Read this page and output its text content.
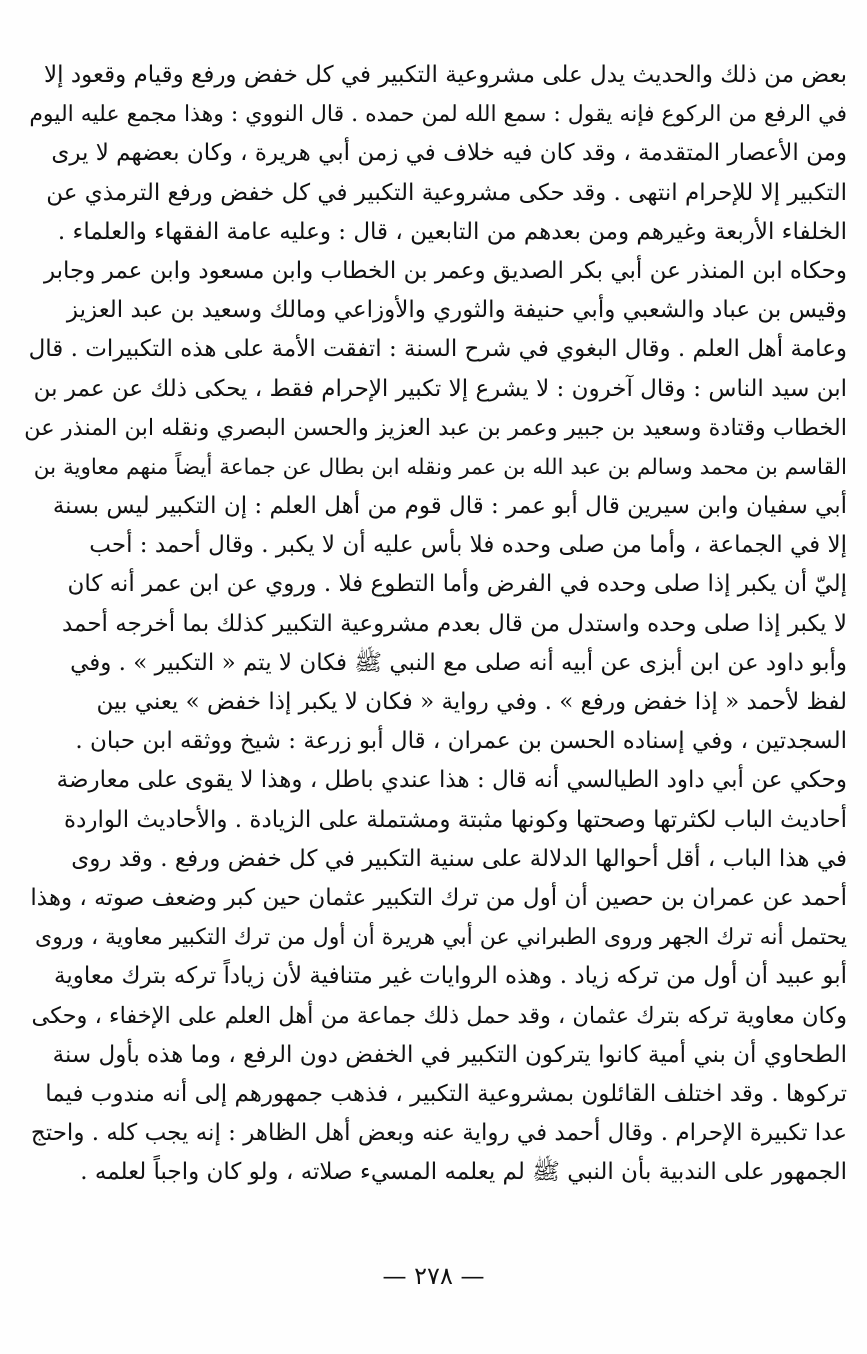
بعض من ذلك والحديث يدل على مشروعية التكبير في كل خفض ورفع وقيام وقعود إلا
في الرفع من الركوع فإنه يقول : سمع الله لمن حمده . قال النووي : وهذا مجمع عليه اليوم
ومن الأعصار المتقدمة ، وقد كان فيه خلاف في زمن أبي هريرة ، وكان بعضهم لا يرى
التكبير إلا للإحرام انتهى . وقد حكى مشروعية التكبير في كل خفض ورفع الترمذي عن
الخلفاء الأربعة وغيرهم ومن بعدهم من التابعين ، قال : وعليه عامة الفقهاء والعلماء .
وحكاه ابن المنذر عن أبي بكر الصديق وعمر بن الخطاب وابن مسعود وابن عمر وجابر
وقيس بن عباد والشعبي وأبي حنيفة والثوري والأوزاعي ومالك وسعيد بن عبد العزيز
وعامة أهل العلم . وقال البغوي في شرح السنة : اتفقت الأمة على هذه التكبيرات . قال
ابن سيد الناس : وقال آخرون : لا يشرع إلا تكبير الإحرام فقط ، يحكى ذلك عن عمر بن
الخطاب وقتادة وسعيد بن جبير وعمر بن عبد العزيز والحسن البصري ونقله ابن المنذر عن
القاسم بن محمد وسالم بن عبد الله بن عمر ونقله ابن بطال عن جماعة أيضاً منهم معاوية بن
أبي سفيان وابن سيرين قال أبو عمر : قال قوم من أهل العلم : إن التكبير ليس بسنة
إلا في الجماعة ، وأما من صلى وحده فلا بأس عليه أن لا يكبر . وقال أحمد : أحب
إليّ أن يكبر إذا صلى وحده في الفرض وأما التطوع فلا . وروي عن ابن عمر أنه كان
لا يكبر إذا صلى وحده واستدل من قال بعدم مشروعية التكبير كذلك بما أخرجه أحمد
وأبو داود عن ابن أبزى عن أبيه أنه صلى مع النبي ﷺ فكان لا يتم « التكبير » . وفي
لفظ لأحمد « إذا خفض ورفع » . وفي رواية « فكان لا يكبر إذا خفض » يعني بين
السجدتين ، وفي إسناده الحسن بن عمران ، قال أبو زرعة : شيخ ووثقه ابن حبان .
وحكي عن أبي داود الطيالسي أنه قال : هذا عندي باطل ، وهذا لا يقوى على معارضة
أحاديث الباب لكثرتها وصحتها وكونها مثبتة ومشتملة على الزيادة . والأحاديث الواردة
في هذا الباب ، أقل أحوالها الدلالة على سنية التكبير في كل خفض ورفع . وقد روى
أحمد عن عمران بن حصين أن أول من ترك التكبير عثمان حين كبر وضعف صوته ، وهذا
يحتمل أنه ترك الجهر وروى الطبراني عن أبي هريرة أن أول من ترك التكبير معاوية ، وروى
أبو عبيد أن أول من تركه زياد . وهذه الروايات غير متنافية لأن زياداً تركه بترك معاوية
وكان معاوية تركه بترك عثمان ، وقد حمل ذلك جماعة من أهل العلم على الإخفاء ، وحكى
الطحاوي أن بني أمية كانوا يتركون التكبير في الخفض دون الرفع ، وما هذه بأول سنة
تركوها . وقد اختلف القائلون بمشروعية التكبير ، فذهب جمهورهم إلى أنه مندوب فيما
عدا تكبيرة الإحرام . وقال أحمد في رواية عنه وبعض أهل الظاهر : إنه يجب كله . واحتج
الجمهور على الندبية بأن النبي ﷺ لم يعلمه المسيء صلاته ، ولو كان واجباً لعلمه .
— ٢٧٨ —
